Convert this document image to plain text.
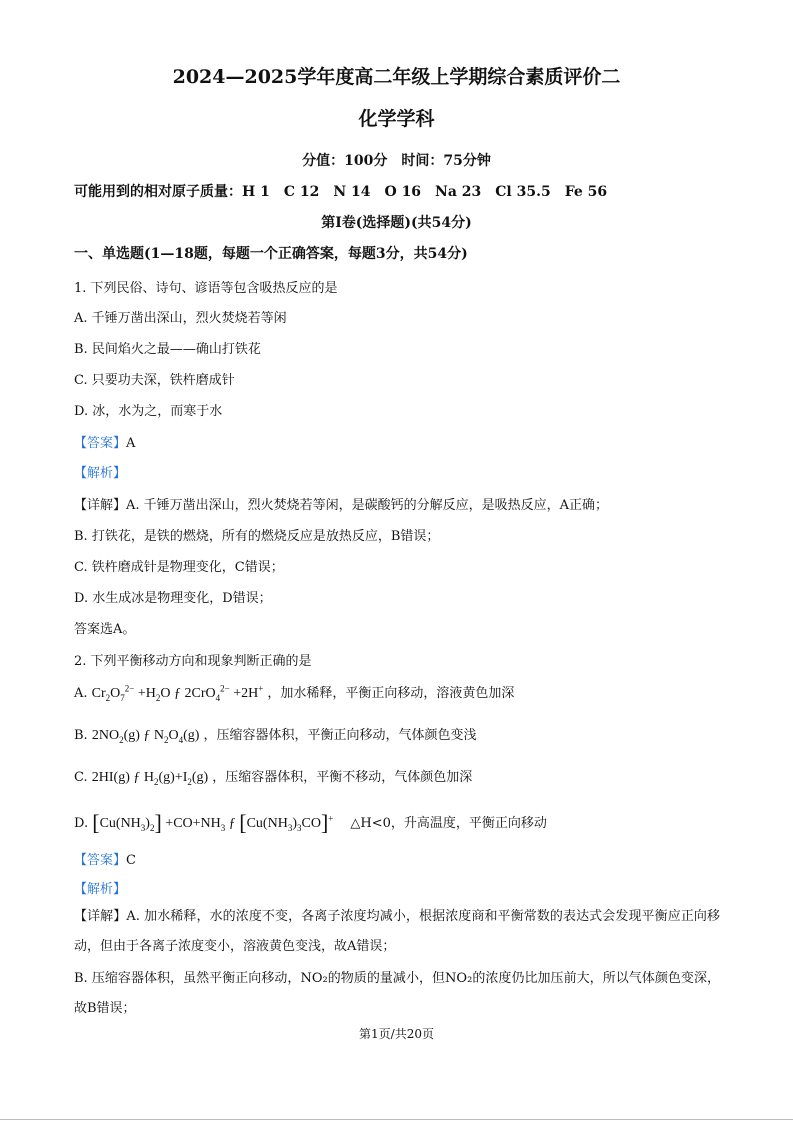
2024—2025学年度高二年级上学期综合素质评价二
化学学科
分值：100分　时间：75分钟
可能用到的相对原子质量：H 1　C 12　N 14　O 16　Na 23　Cl 35.5　Fe 56
第Ⅰ卷(选择题)(共54分)
一、单选题(1—18题，每题一个正确答案，每题3分，共54分)
1. 下列民俗、诗句、谚语等包含吸热反应的是
A. 千锤万凿出深山，烈火焚烧若等闲
B. 民间焰火之最——确山打铁花
C. 只要功夫深，铁杵磨成针
D. 冰，水为之，而寒于水
【答案】A
【解析】
【详解】A. 千锤万凿出深山，烈火焚烧若等闲，是碳酸钙的分解反应，是吸热反应，A正确；
B. 打铁花，是铁的燃烧，所有的燃烧反应是放热反应，B错误；
C. 铁杵磨成针是物理变化，C错误；
D. 水生成冰是物理变化，D错误；
答案选A。
2. 下列平衡移动方向和现象判断正确的是
A. $Cr_2O_7^{2-} +H_2O$ ƒ 2CrO$_4^{2-}$ +2H+ ，加水稀释，平衡正向移动，溶液黄色加深
B. $2NO_2(g)$ ƒ $N_2O_4(g)$ ，压缩容器体积，平衡正向移动，气体颜色变浅
C. 2HI(g) ƒ $H_2(g)+I_2(g)$ ，压缩容器体积，平衡不移动，气体颜色加深
D. $[Cu(NH_3)_2] +CO+NH_3$ ƒ $[Cu(NH_3)_3CO]^+$　△H<0，升高温度，平衡正向移动
【答案】C
【解析】
【详解】A. 加水稀释，水的浓度不变，各离子浓度均减小，根据浓度商和平衡常数的表达式会发现平衡应正向移动，但由于各离子浓度变小，溶液黄色变浅，故A错误；
B. 压缩容器体积，虽然平衡正向移动，NO₂的物质的量减小，但NO₂的浓度仍比加压前大，所以气体颜色变深，故B错误；
第1页/共20页
